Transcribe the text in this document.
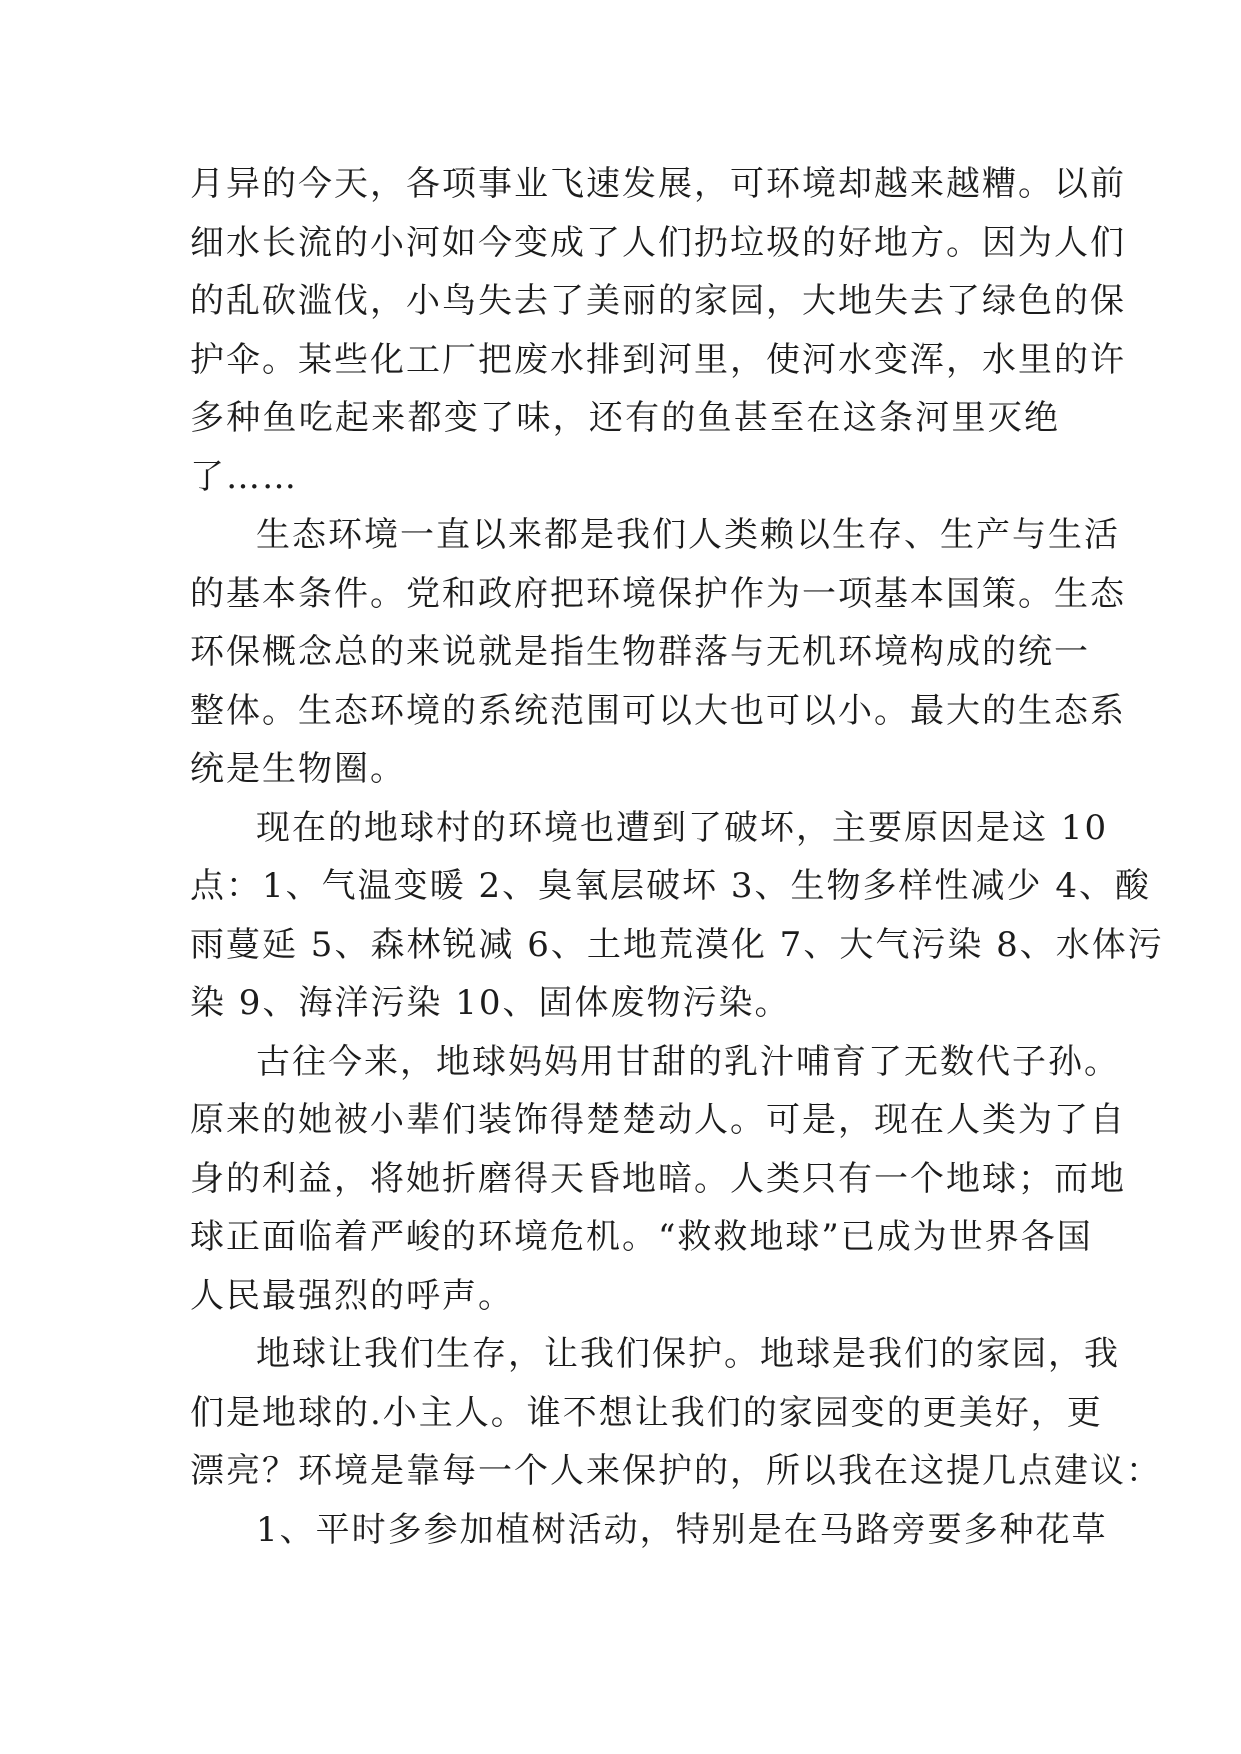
月异的今天，各项事业飞速发展，可环境却越来越糟。以前
细水长流的小河如今变成了人们扔垃圾的好地方。因为人们
的乱砍滥伐，小鸟失去了美丽的家园，大地失去了绿色的保
护伞。某些化工厂把废水排到河里，使河水变浑，水里的许
多种鱼吃起来都变了味，还有的鱼甚至在这条河里灭绝
了……
生态环境一直以来都是我们人类赖以生存、生产与生活
的基本条件。党和政府把环境保护作为一项基本国策。生态
环保概念总的来说就是指生物群落与无机环境构成的统一
整体。生态环境的系统范围可以大也可以小。最大的生态系
统是生物圈。
现在的地球村的环境也遭到了破坏，主要原因是这 10
点：1、气温变暖 2、臭氧层破坏 3、生物多样性减少 4、酸
雨蔓延 5、森林锐减 6、土地荒漠化 7、大气污染 8、水体污
染 9、海洋污染 10、固体废物污染。
古往今来，地球妈妈用甘甜的乳汁哺育了无数代子孙。
原来的她被小辈们装饰得楚楚动人。可是，现在人类为了自
身的利益，将她折磨得天昏地暗。人类只有一个地球；而地
球正面临着严峻的环境危机。“救救地球”已成为世界各国
人民最强烈的呼声。
地球让我们生存，让我们保护。地球是我们的家园，我
们是地球的.小主人。谁不想让我们的家园变的更美好，更
漂亮？环境是靠每一个人来保护的，所以我在这提几点建议：
1、平时多参加植树活动，特别是在马路旁要多种花草
